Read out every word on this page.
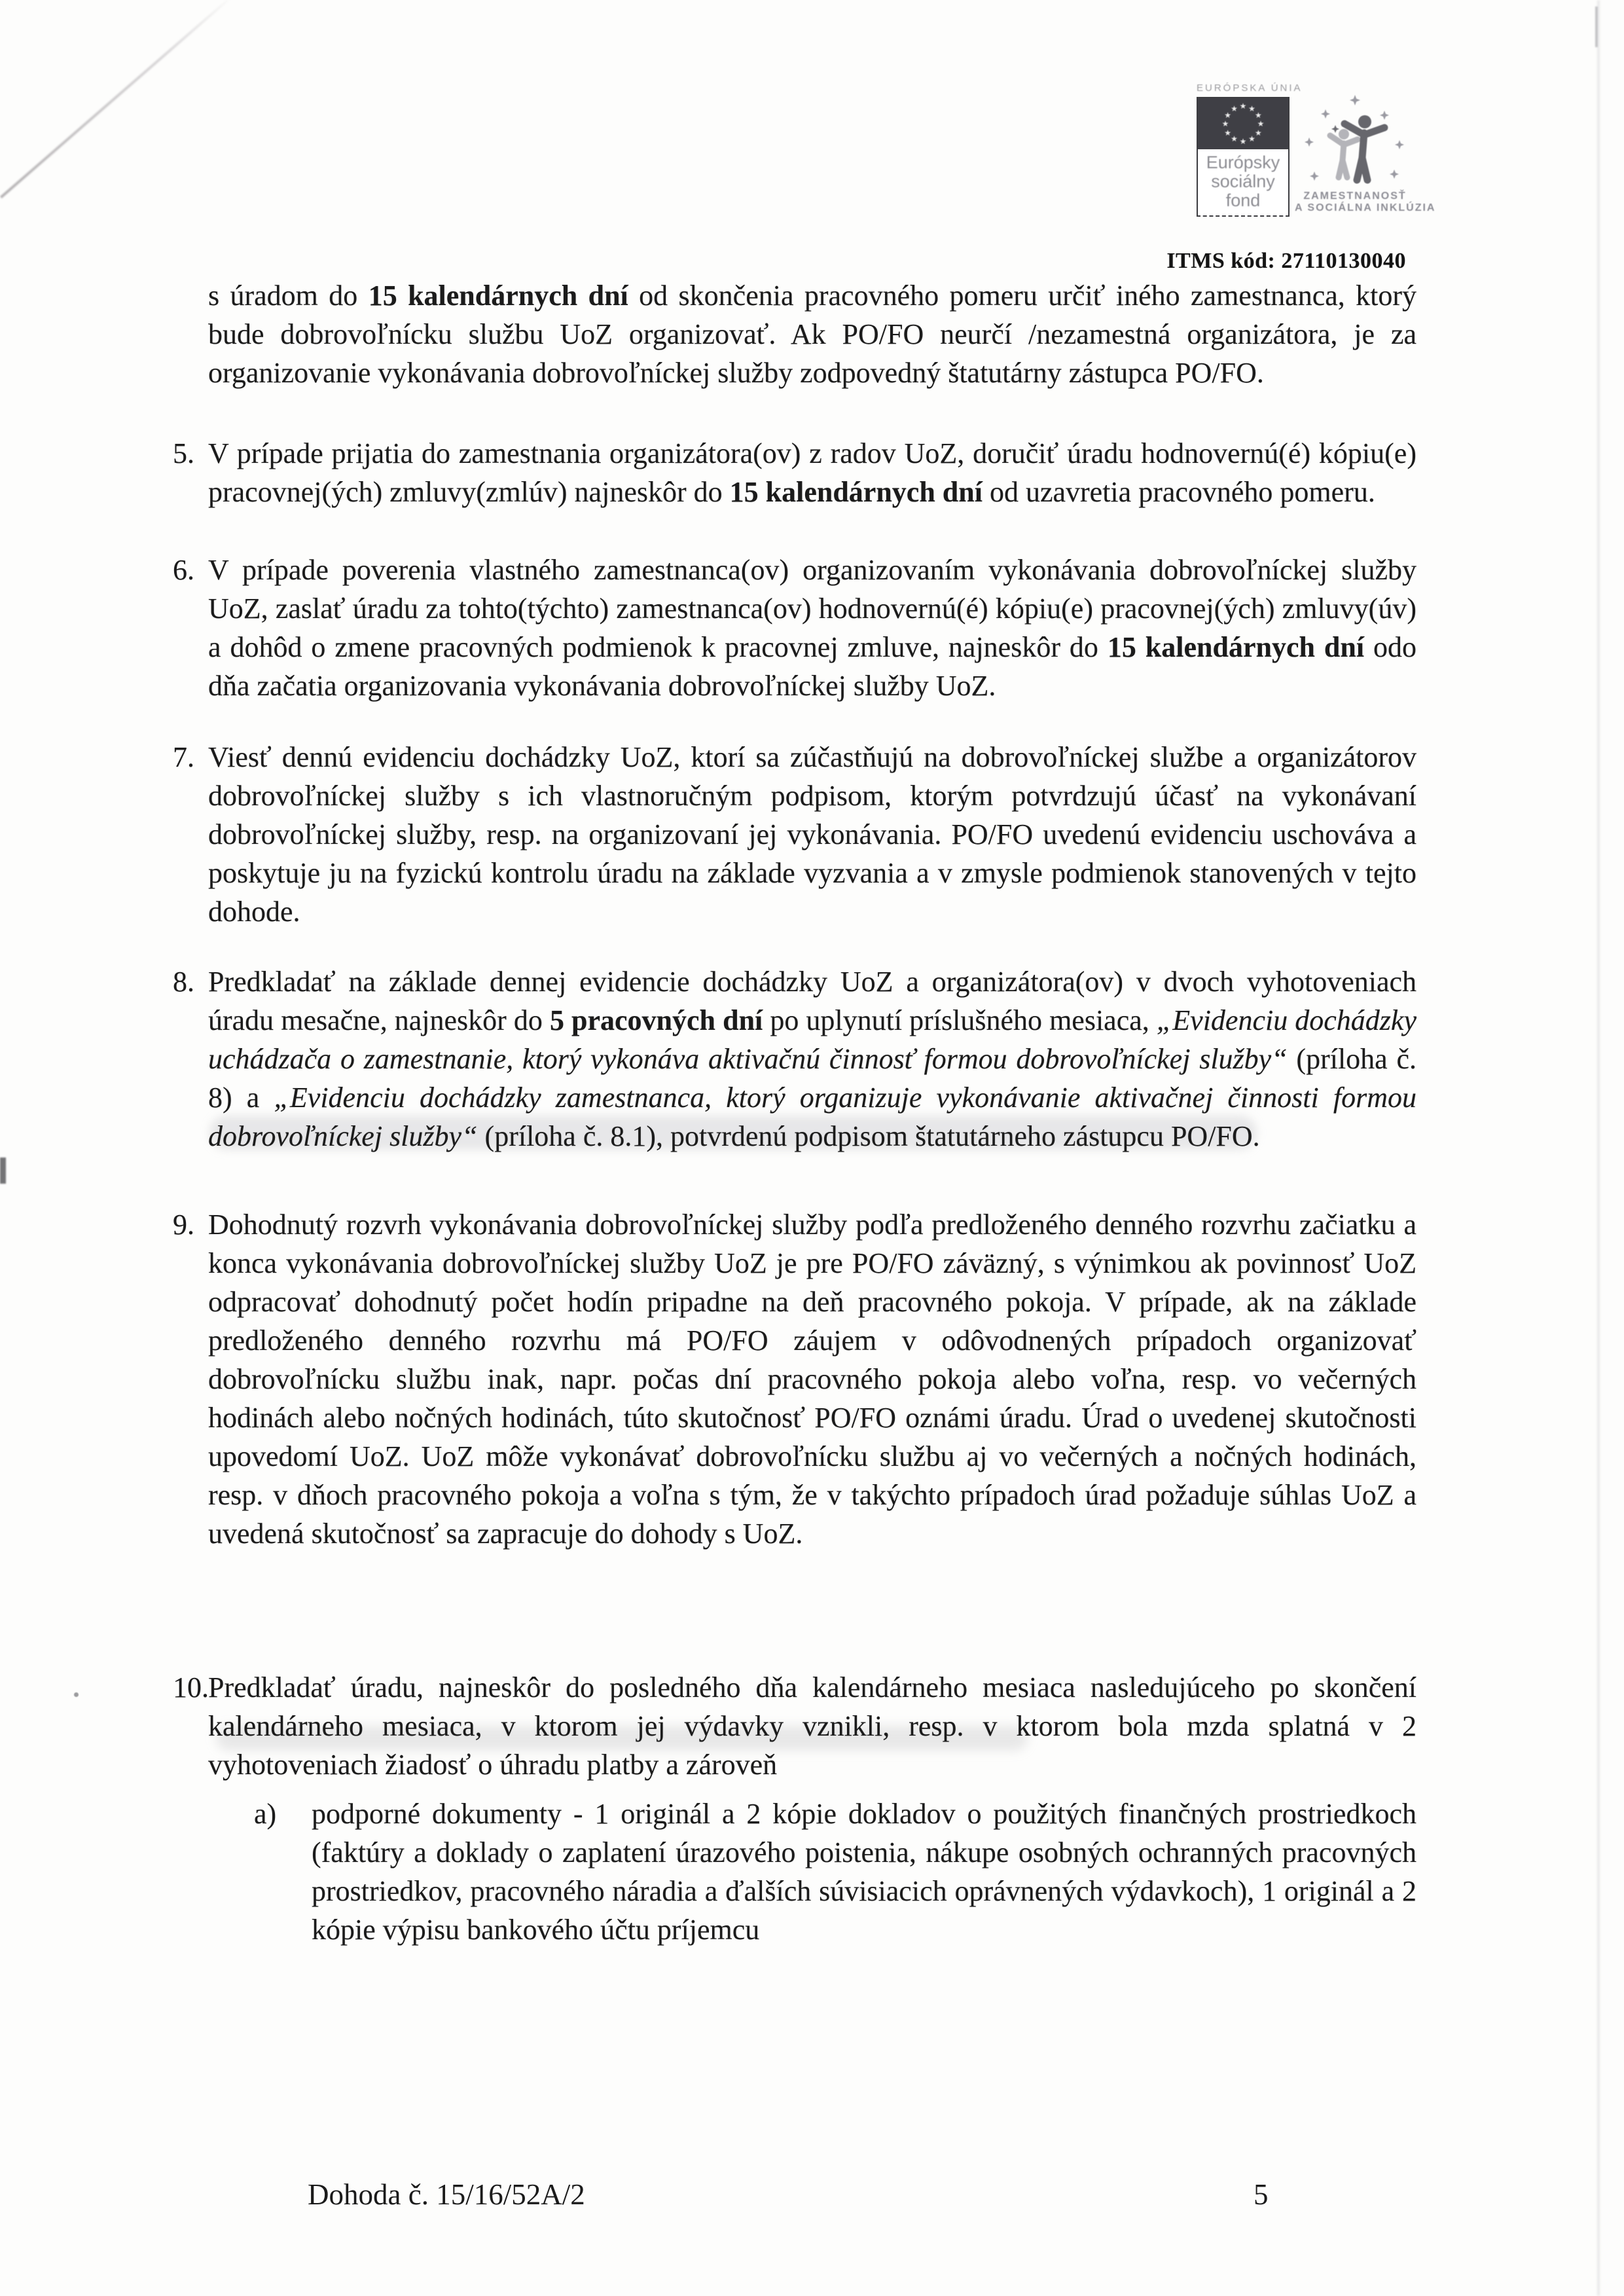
EURÓPSKA ÚNIA
★ ★
★
★
★
★
★
★
★
★
★
★
Európsky
sociálny
fond	ZAMESTNANOSŤ
A SOCIÁLNA INKLÚZIA
ITMS kód: 27110130040
s úradom do 15 kalendárnych dní od skončenia pracovného pomeru určiť iného zamestnanca, ktorý bude dobrovoľnícku službu UoZ organizovať. Ak PO/FO neurčí /nezamestná organizátora, je za organizovanie vykonávania dobrovoľníckej služby zodpovedný štatutárny zástupca PO/FO.
5. V prípade prijatia do zamestnania organizátora(ov) z radov UoZ, doručiť úradu hodnovernú(é) kópiu(e) pracovnej(ých) zmluvy(zmlúv) najneskôr do 15 kalendárnych dní od uzavretia pracovného pomeru.
6. V prípade poverenia vlastného zamestnanca(ov) organizovaním vykonávania dobrovoľníckej služby UoZ, zaslať úradu za tohto(týchto) zamestnanca(ov) hodnovernú(é) kópiu(e) pracovnej(ých) zmluvy(úv) a dohôd o zmene pracovných podmienok k pracovnej zmluve, najneskôr do 15 kalendárnych dní odo dňa začatia organizovania vykonávania dobrovoľníckej služby UoZ.
7. Viesť dennú evidenciu dochádzky UoZ, ktorí sa zúčastňujú na dobrovoľníckej službe a organizátorov dobrovoľníckej služby s ich vlastnoručným podpisom, ktorým potvrdzujú účasť na vykonávaní dobrovoľníckej služby, resp. na organizovaní jej vykonávania. PO/FO uvedenú evidenciu uschováva a poskytuje ju na fyzickú kontrolu úradu na základe vyzvania a v zmysle podmienok stanovených v tejto dohode.
8. Predkladať na základe dennej evidencie dochádzky UoZ a organizátora(ov) v dvoch vyhotoveniach úradu mesačne, najneskôr do 5 pracovných dní po uplynutí príslušného mesiaca, „Evidenciu dochádzky uchádzača o zamestnanie, ktorý vykonáva aktivačnú činnosť formou dobrovoľníckej služby“ (príloha č. 8) a „Evidenciu dochádzky zamestnanca, ktorý organizuje vykonávanie aktivačnej činnosti formou dobrovoľníckej služby“ (príloha č. 8.1), potvrdenú podpisom štatutárneho zástupcu PO/FO.
9. Dohodnutý rozvrh vykonávania dobrovoľníckej služby podľa predloženého denného rozvrhu začiatku a konca vykonávania dobrovoľníckej služby UoZ je pre PO/FO záväzný, s výnimkou ak povinnosť UoZ odpracovať dohodnutý počet hodín pripadne na deň pracovného pokoja. V prípade, ak na základe predloženého denného rozvrhu má PO/FO záujem v odôvodnených prípadoch organizovať dobrovoľnícku službu inak, napr. počas dní pracovného pokoja alebo voľna, resp. vo večerných hodinách alebo nočných hodinách, túto skutočnosť PO/FO oznámi úradu. Úrad o uvedenej skutočnosti upovedomí UoZ. UoZ môže vykonávať dobrovoľnícku službu aj vo večerných a nočných hodinách, resp. v dňoch pracovného pokoja a voľna s tým, že v takýchto prípadoch úrad požaduje súhlas UoZ a uvedená skutočnosť sa zapracuje do dohody s UoZ.
10. Predkladať úradu, najneskôr do posledného dňa kalendárneho mesiaca nasledujúceho po skončení kalendárneho mesiaca, v ktorom jej výdavky vznikli, resp. v ktorom bola mzda splatná v 2 vyhotoveniach žiadosť o úhradu platby a zároveň
a) podporné dokumenty - 1 originál a 2 kópie dokladov o použitých finančných prostriedkoch (faktúry a doklady o zaplatení úrazového poistenia, nákupe osobných ochranných pracovných prostriedkov, pracovného náradia a ďalších súvisiacich oprávnených výdavkoch), 1 originál a 2 kópie výpisu bankového účtu príjemcu
Dohoda č. 15/16/52A/2	5
